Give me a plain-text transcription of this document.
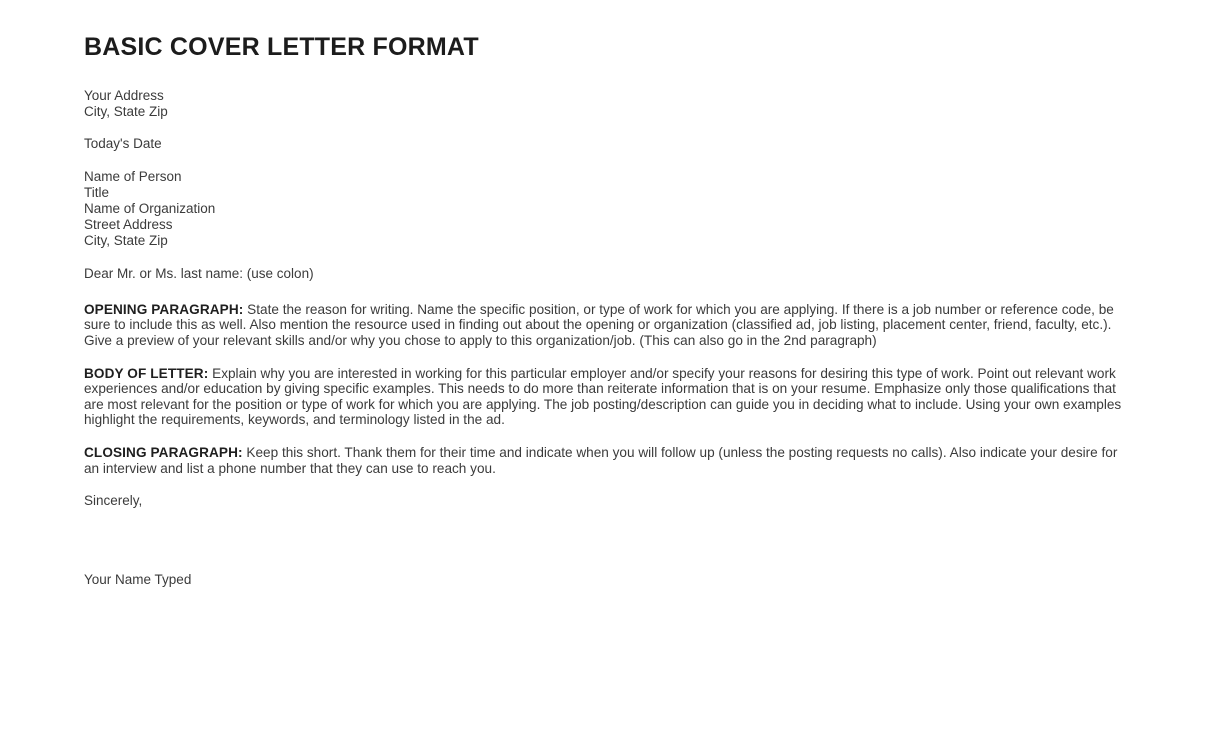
BASIC COVER LETTER FORMAT
Your Address
City, State Zip
Today's Date
Name of Person
Title
Name of Organization
Street Address
City, State Zip

Dear Mr. or Ms. last name: (use colon)

OPENING PARAGRAPH: State the reason for writing. Name the specific position, or type of work for which you are applying. If there is a job number or reference code, be sure to include this as well. Also mention the resource used in finding out about the opening or organization (classified ad, job listing, placement center, friend, faculty, etc.). Give a preview of your relevant skills and/or why you chose to apply to this organization/job. (This can also go in the 2nd paragraph)

BODY OF LETTER: Explain why you are interested in working for this particular employer and/or specify your reasons for desiring this type of work. Point out relevant work experiences and/or education by giving specific examples. This needs to do more than reiterate information that is on your resume. Emphasize only those qualifications that are most relevant for the position or type of work for which you are applying. The job posting/description can guide you in deciding what to include. Using your own examples highlight the requirements, keywords, and terminology listed in the ad.

CLOSING PARAGRAPH: Keep this short. Thank them for their time and indicate when you will follow up (unless the posting requests no calls). Also indicate your desire for an interview and list a phone number that they can use to reach you.

Sincerely,

Your Name Typed
